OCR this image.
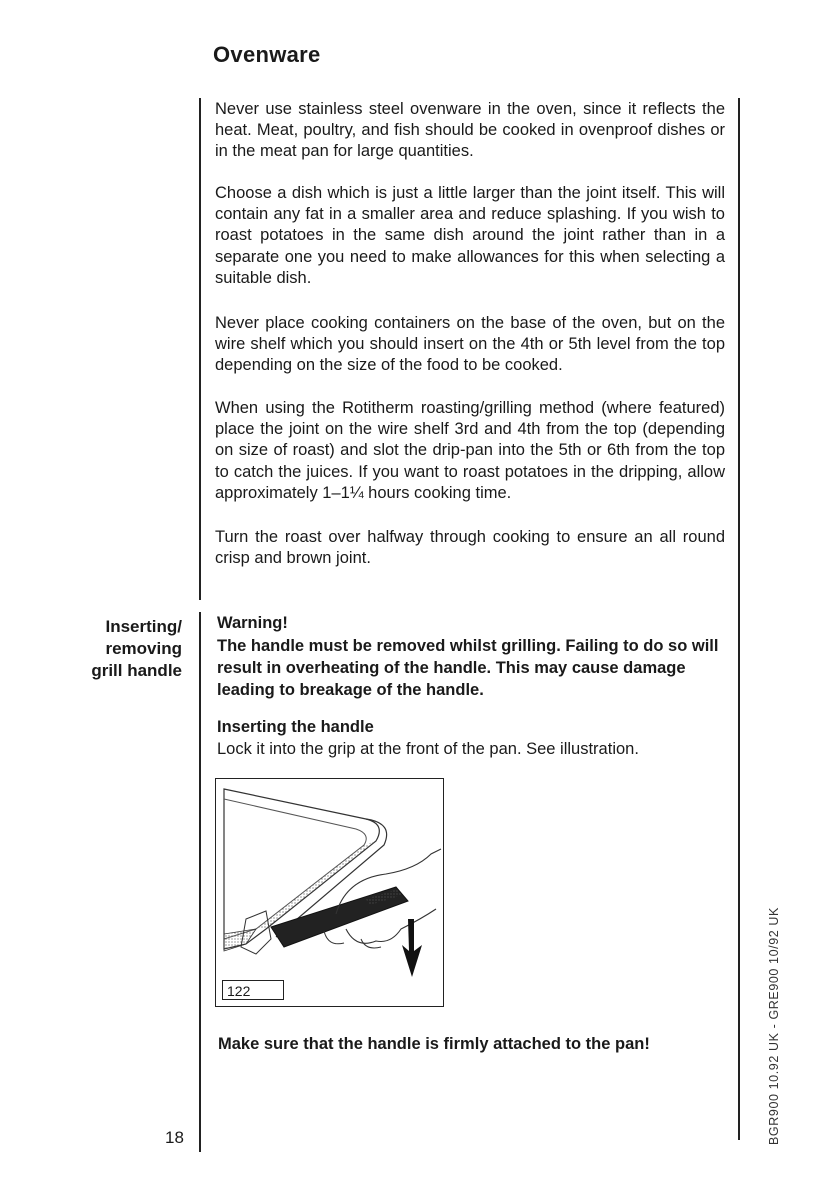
Ovenware
Never use stainless steel ovenware in the oven, since it reflects the heat. Meat, poultry, and fish should be cooked in ovenproof dishes or in the meat pan for large quantities.
Choose a dish which is just a little larger than the joint itself. This will contain any fat in a smaller area and reduce splashing. If you wish to roast potatoes in the same dish around the joint rather than in a separate one you need to make allowances for this when selecting a suitable dish.
Never place cooking containers on the base of the oven, but on the wire shelf which you should insert on the 4th or 5th level from the top depending on the size of the food to be cooked.
When using the Rotitherm roasting/grilling method (where featured) place the joint on the wire shelf 3rd and 4th from the top (depending on size of roast) and slot the drip-pan into the 5th or 6th from the top to catch the juices. If you want to roast potatoes in the dripping, allow approximately 1–1¼ hours cooking time.
Turn the roast over halfway through cooking to ensure an all round crisp and brown joint.
Inserting/
removing
grill handle
Warning!
The handle must be removed whilst grilling. Failing to do so will result in overheating of the handle. This may cause damage leading to breakage of the handle.
Inserting the handle
Lock it into the grip at the front of the pan. See illustration.
122
Make sure that the handle is firmly attached to the pan!
18	BGR900 10.92 UK - GRE900 10/92 UK
